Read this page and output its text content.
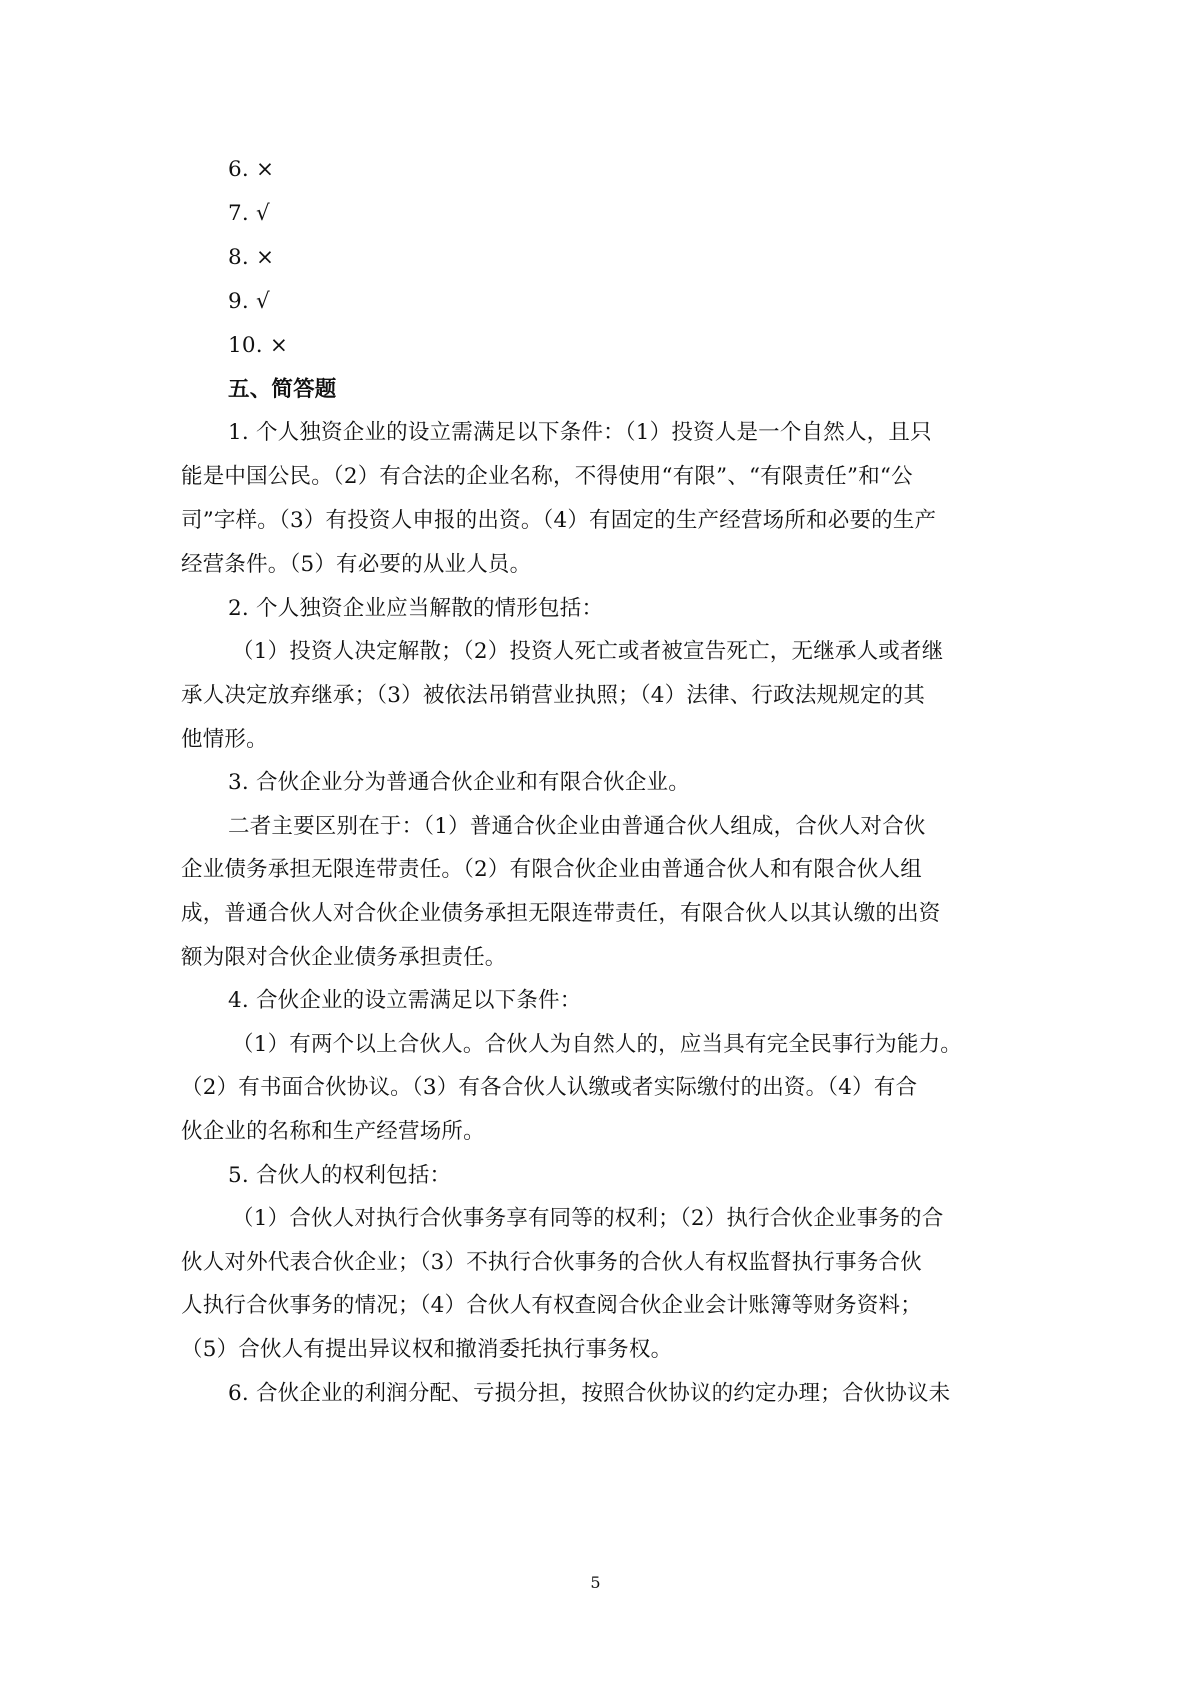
6. ×
7. √
8. ×
9. √
10. ×
五、简答题
1. 个人独资企业的设立需满足以下条件：（1）投资人是一个自然人，且只
能是中国公民。（2）有合法的企业名称，不得使用“有限”、“有限责任”和“公
司”字样。（3）有投资人申报的出资。（4）有固定的生产经营场所和必要的生产
经营条件。（5）有必要的从业人员。
2. 个人独资企业应当解散的情形包括：
（1）投资人决定解散；（2）投资人死亡或者被宣告死亡，无继承人或者继
承人决定放弃继承；（3）被依法吊销营业执照；（4）法律、行政法规规定的其
他情形。
3. 合伙企业分为普通合伙企业和有限合伙企业。
二者主要区别在于：（1）普通合伙企业由普通合伙人组成，合伙人对合伙
企业债务承担无限连带责任。（2）有限合伙企业由普通合伙人和有限合伙人组
成，普通合伙人对合伙企业债务承担无限连带责任，有限合伙人以其认缴的出资
额为限对合伙企业债务承担责任。
4. 合伙企业的设立需满足以下条件：
（1）有两个以上合伙人。合伙人为自然人的，应当具有完全民事行为能力。
（2）有书面合伙协议。（3）有各合伙人认缴或者实际缴付的出资。（4）有合
伙企业的名称和生产经营场所。
5. 合伙人的权利包括：
（1）合伙人对执行合伙事务享有同等的权利；（2）执行合伙企业事务的合
伙人对外代表合伙企业；（3）不执行合伙事务的合伙人有权监督执行事务合伙
人执行合伙事务的情况；（4）合伙人有权查阅合伙企业会计账簿等财务资料；
（5）合伙人有提出异议权和撤消委托执行事务权。
6. 合伙企业的利润分配、亏损分担，按照合伙协议的约定办理；合伙协议未
5
